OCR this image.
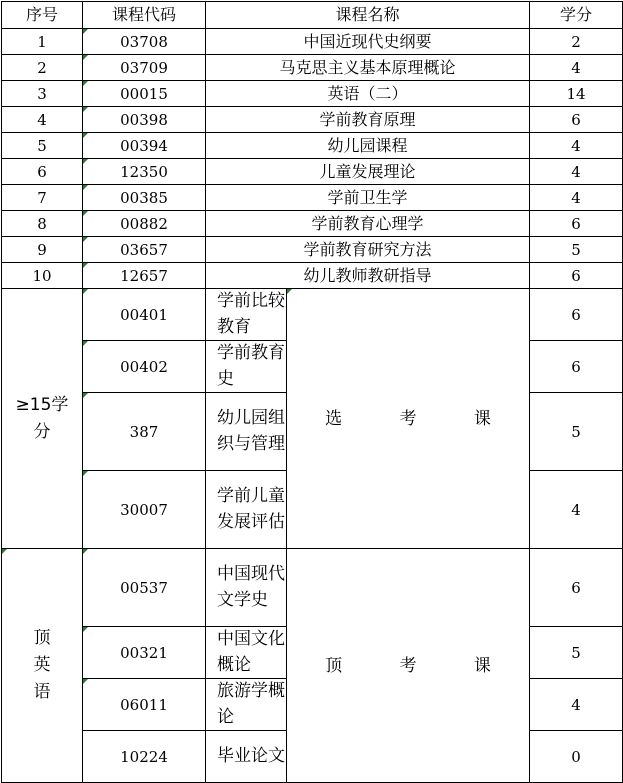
序号	课程代码	课程名称		学分
1	03708	中国近现代史纲要		2
2	03709	马克思主义基本原理概论		4
3	00015	英语（二）		14
4	00398	学前教育原理		6
5	00394	幼儿园课程		4
6	12350	儿童发展理论		4
7	00385	学前卫生学		4
8	00882	学前教育心理学		6
9	03657	学前教育研究方法		5
10	12657	幼儿教师教研指导		6

≥15学分	00401	学前比较教育	选 考 课	6
	00402	学前教育史		6
	387	幼儿园组织与管理		5
	30007	学前儿童发展评估		4

顶英语	00537	中国现代文学史	顶 考 课	6
	00321	中国文化概论		5
	06011	旅游学概论		4
	10224	毕业论文		0
